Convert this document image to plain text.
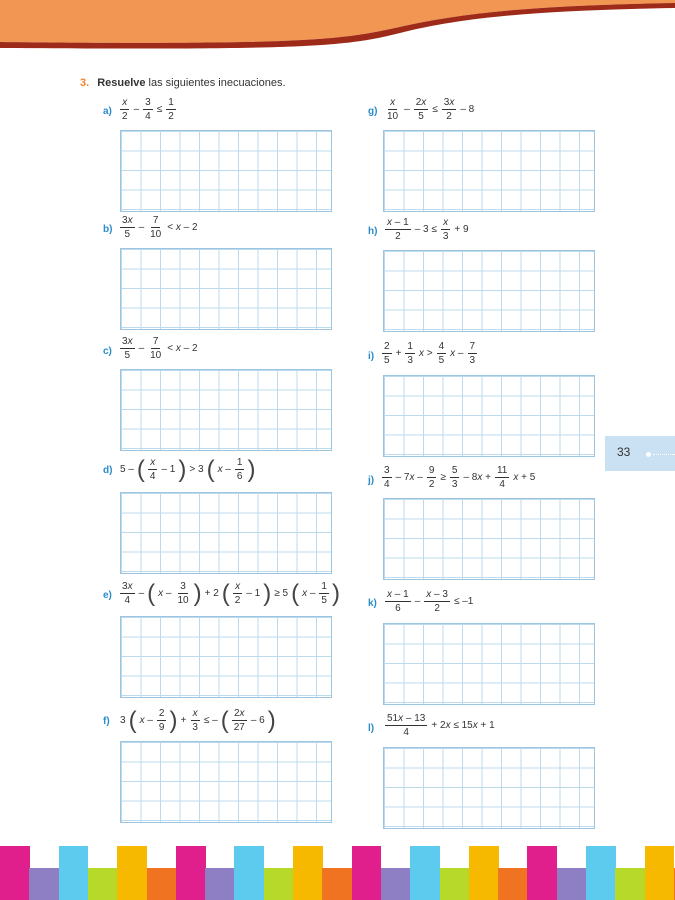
3. Resuelve las siguientes inecuaciones.
$a) \frac{x}{2} - \frac{3}{4} \le \frac{1}{2}$
$b) \frac{3x}{5} - \frac{7}{10} < x - 2$
$c) \frac{3x}{5} - \frac{7}{10} < x - 2$
d) 5 – ( $\frac{x}{4} - 1$ ) > 3 ( x – $\frac{1}{6}$ )
$e) \frac{3x}{4}$ – ( x – $\frac{3}{10}$ ) + 2 ( $\frac{x}{2} - 1$ ) ≥ 5 ( x – $\frac{1}{5}$ )
f) 3 ( x – $\frac{2}{9}$ ) + $\frac{x}{3}$ ≤ – ( $\frac{2x}{27} - 6$ )
$g) \frac{x}{10} - \frac{2x}{5} \le \frac{3x}{2} - 8$
$h) \frac{x - 1}{2} - 3 \le \frac{x}{3} + 9$
$i) \frac{2}{5} + \frac{1}{3}$ $x > \frac{4}{5}$ x – $\frac{7}{3}$
$j) \frac{3}{4} - 7x - \frac{9}{2} \ge \frac{5}{3} - 8x + \frac{11}{4}$ x + 5
$k) \frac{x - 1}{6} - \frac{x - 3}{2} \le -1$
$l) \frac{51x - 13}{4} + 2x \le 15x + 1$
33
